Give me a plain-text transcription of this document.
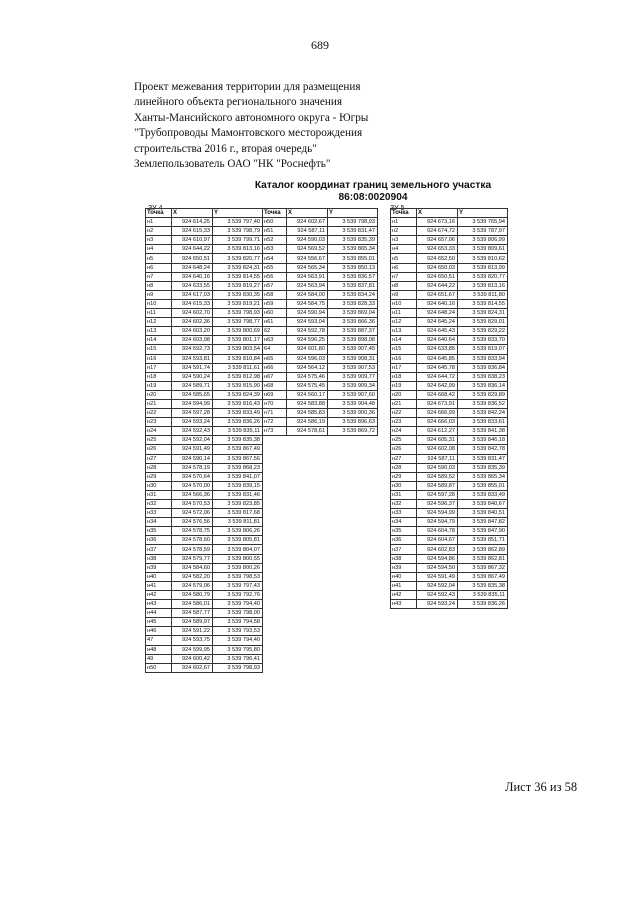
689
Проект межевания территории для размещения
линейного объекта регионального значения
Ханты-Мансийского автономного округа - Югры
"Трубопроводы Мамонтовского месторождения
строительства 2016 г., вторая очередь"
Землепользователь ОАО "НК "Роснефть"
Каталог координат границ земельного участка
86:08:0020904
ЗУ 4	ЗУ 5
Точка	X	Y
н1	924 614,25	3 539 797,40
н2	924 615,33	3 539 798,79
н3	924 610,97	3 539 799,71
н4	924 644,22	3 539 813,16
н5	924 650,51	3 539 820,77
н6	924 648,24	3 539 824,31
н7	924 640,16	3 539 814,55
н8	924 633,55	3 539 819,27
н9	924 617,03	3 539 830,35
н10	924 615,33	3 539 819,21
н11	924 602,70	3 539 798,93
н12	924 602,36	3 539 798,77
н13	924 603,20	3 539 800,69
н14	924 603,98	3 539 801,17
н15	924 592,73	3 539 803,54
н16	924 593,81	3 539 810,84
н17	924 591,74	3 539 811,61
н18	924 590,24	3 539 812,98
н19	924 589,71	3 539 815,90
н20	924 585,65	3 539 824,39
н21	924 594,99	3 539 816,43
н22	924 597,28	3 539 833,49
н23	924 593,24	3 539 836,26
н24	924 592,43	3 539 835,11
н25	924 592,04	3 539 835,38
н26	924 591,49	3 539 867,49
н27	924 590,14	3 539 867,56
н28	924 578,19	3 539 868,23
н29	924 570,64	3 539 841,07
н30	924 570,00	3 539 839,15
н31	924 566,36	3 539 831,46
н32	924 570,53	3 539 823,85
н33	924 572,06	3 539 817,68
н34	924 576,56	3 539 811,81
н35	924 578,75	3 539 806,26
н36	924 578,60	3 539 805,81
н37	924 578,59	3 539 804,07
н38	924 579,77	3 539 800,55
н39	924 584,60	3 539 800,26
н40	924 582,20	3 539 798,53
н41	924 579,06	3 539 797,43
н42	924 580,79	3 539 792,76
н43	924 586,01	3 539 794,40
н44	924 587,77	3 539 798,00
н45	924 589,97	3 539 794,58
н46	924 591,22	3 539 793,53
47	924 593,75	3 539 794,40
н48	924 599,95	3 539 795,80
49	924 600,42	3 539 796,41
н50	924 602,67	3 539 798,93
Точка	X	Y
н50	924 602,67	3 539 798,93
н51	924 587,11	3 539 831,47
н52	924 590,03	3 539 835,39
н53	924 569,52	3 539 865,34
н54	924 556,67	3 539 855,01
н55	924 565,34	3 539 850,13
н56	924 563,91	3 539 836,57
н57	924 563,94	3 539 837,81
н58	924 584,00	3 539 834,24
н59	924 584,75	3 539 828,33
н60	924 590,94	3 539 869,04
н61	924 593,04	3 539 866,36
62	924 592,78	3 539 887,37
н63	924 596,25	3 539 898,08
64	924 601,80	3 539 907,45
н65	924 596,03	3 539 908,31
н66	924 564,12	3 539 907,53
н67	924 575,46	3 539 909,77
н68	924 575,45	3 539 909,34
н69	924 560,17	3 539 907,60
н70	924 583,88	3 539 904,48
н71	924 585,83	3 539 900,36
н72	924 586,19	3 539 896,63
н73	924 578,61	3 539 869,72
Точка	X	Y
н1	924 673,16	3 539 765,94
н2	924 674,72	3 539 787,97
н3	924 657,06	3 539 806,99
н4	924 653,33	3 539 809,61
н5	924 652,50	3 539 810,62
н6	924 650,03	3 539 813,99
н7	924 650,51	3 539 820,77
н8	924 644,22	3 539 813,16
н9	924 651,67	3 539 811,80
н10	924 640,16	3 539 814,55
н11	924 648,24	3 539 824,31
н12	924 645,24	3 539 829,01
н13	924 645,43	3 539 829,22
н14	924 640,64	3 539 833,70
н15	924 633,85	3 539 819,07
н16	924 645,85	3 539 833,94
н17	924 645,78	3 539 836,84
н18	924 644,72	3 539 838,23
н19	924 642,99	3 539 836,14
н20	924 668,42	3 539 829,89
н21	924 673,91	3 539 836,52
н22	924 666,99	3 539 842,24
н23	924 666,03	3 539 833,61
н24	924 612,27	3 539 841,38
н25	924 605,31	3 539 846,18
н26	924 602,08	3 539 842,78
н27	924 587,11	3 539 831,47
н28	924 590,03	3 539 835,39
н29	924 589,52	3 539 865,34
н30	924 589,87	3 539 855,01
н31	924 597,28	3 539 833,49
н32	924 596,37	3 539 840,67
н33	924 594,99	3 539 840,51
н34	924 594,79	3 539 847,82
н35	924 604,78	3 539 847,90
н36	924 604,67	3 539 851,71
н37	924 602,83	3 539 862,89
н38	924 594,86	3 539 862,81
н39	924 594,50	3 539 867,32
н40	924 591,49	3 539 867,49
н41	924 592,04	3 539 835,38
н42	924 592,43	3 539 835,11
н43	924 593,24	3 539 836,26
Лист 36 из 58
